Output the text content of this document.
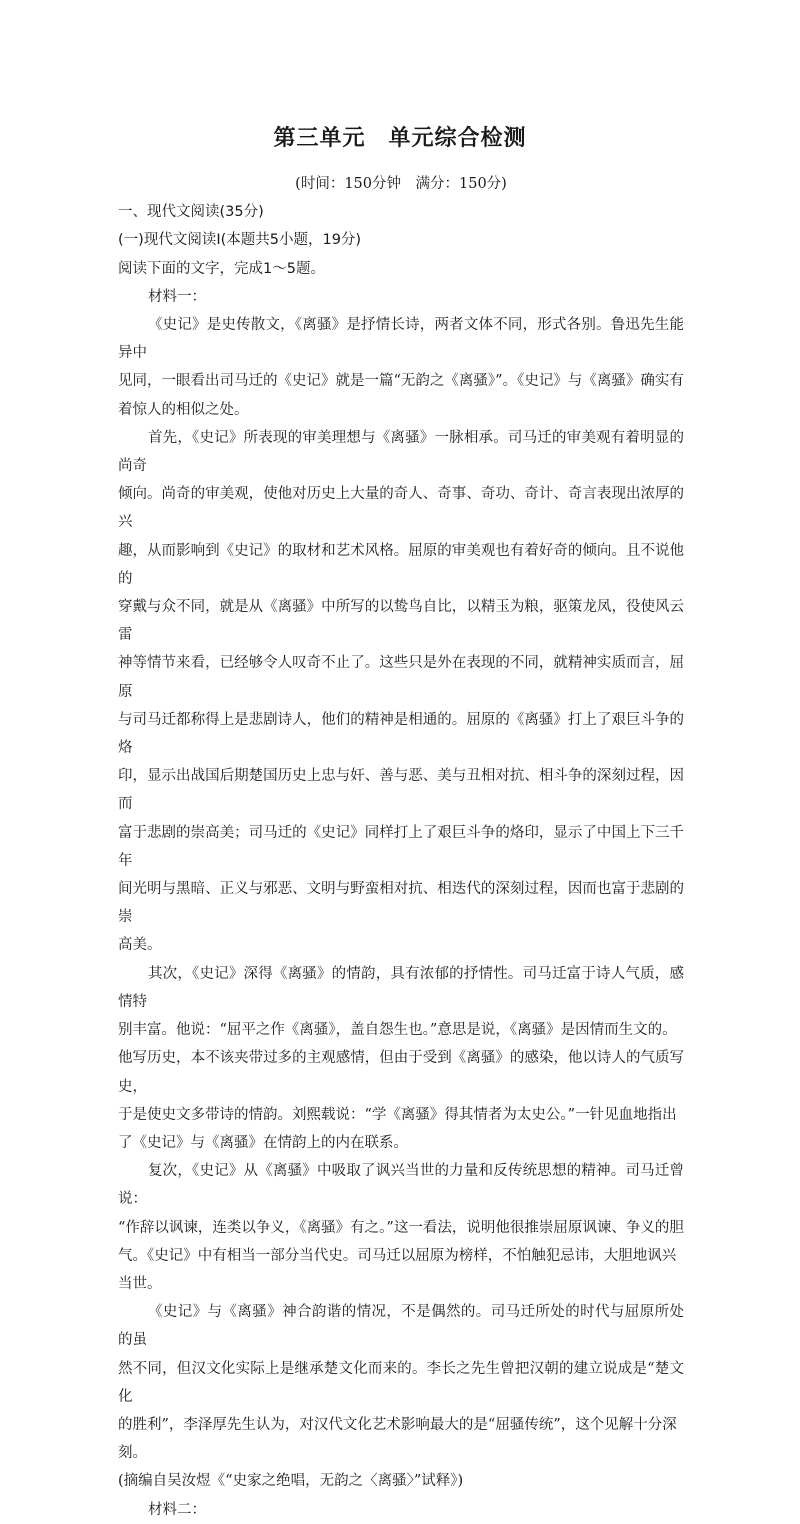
第三单元　单元综合检测
(时间：150分钟　满分：150分)
一、现代文阅读(35分)
(一)现代文阅读Ⅰ(本题共5小题，19分)
阅读下面的文字，完成1～5题。
材料一：
《史记》是史传散文，《离骚》是抒情长诗，两者文体不同，形式各别。鲁迅先生能异中
见同，一眼看出司马迁的《史记》就是一篇“无韵之《离骚》”。《史记》与《离骚》确实有
着惊人的相似之处。
首先，《史记》所表现的审美理想与《离骚》一脉相承。司马迁的审美观有着明显的尚奇
倾向。尚奇的审美观，使他对历史上大量的奇人、奇事、奇功、奇计、奇言表现出浓厚的兴
趣，从而影响到《史记》的取材和艺术风格。屈原的审美观也有着好奇的倾向。且不说他的
穿戴与众不同，就是从《离骚》中所写的以鸷鸟自比，以精玉为粮，驱策龙凤，役使风云雷
神等情节来看，已经够令人叹奇不止了。这些只是外在表现的不同，就精神实质而言，屈原
与司马迁都称得上是悲剧诗人，他们的精神是相通的。屈原的《离骚》打上了艰巨斗争的烙
印，显示出战国后期楚国历史上忠与奸、善与恶、美与丑相对抗、相斗争的深刻过程，因而
富于悲剧的崇高美；司马迁的《史记》同样打上了艰巨斗争的烙印，显示了中国上下三千年
间光明与黑暗、正义与邪恶、文明与野蛮相对抗、相迭代的深刻过程，因而也富于悲剧的崇
高美。
其次，《史记》深得《离骚》的情韵，具有浓郁的抒情性。司马迁富于诗人气质，感情特
别丰富。他说：“屈平之作《离骚》，盖自怨生也。”意思是说，《离骚》是因情而生文的。
他写历史，本不该夹带过多的主观感情，但由于受到《离骚》的感染，他以诗人的气质写史，
于是使史文多带诗的情韵。刘熙载说：“学《离骚》得其情者为太史公。”一针见血地指出
了《史记》与《离骚》在情韵上的内在联系。
复次，《史记》从《离骚》中吸取了讽兴当世的力量和反传统思想的精神。司马迁曾说：
“作辞以讽谏，连类以争义，《离骚》有之。”这一看法，说明他很推崇屈原讽谏、争义的胆
气。《史记》中有相当一部分当代史。司马迁以屈原为榜样，不怕触犯忌讳，大胆地讽兴当世。
《史记》与《离骚》神合韵谐的情况，不是偶然的。司马迁所处的时代与屈原所处的虽
然不同，但汉文化实际上是继承楚文化而来的。李长之先生曾把汉朝的建立说成是“楚文化
的胜利”，李泽厚先生认为，对汉代文化艺术影响最大的是“屈骚传统”，这个见解十分深刻。
(摘编自吴汝煜《“史家之绝唱，无韵之〈离骚〉”试释》)
材料二：
